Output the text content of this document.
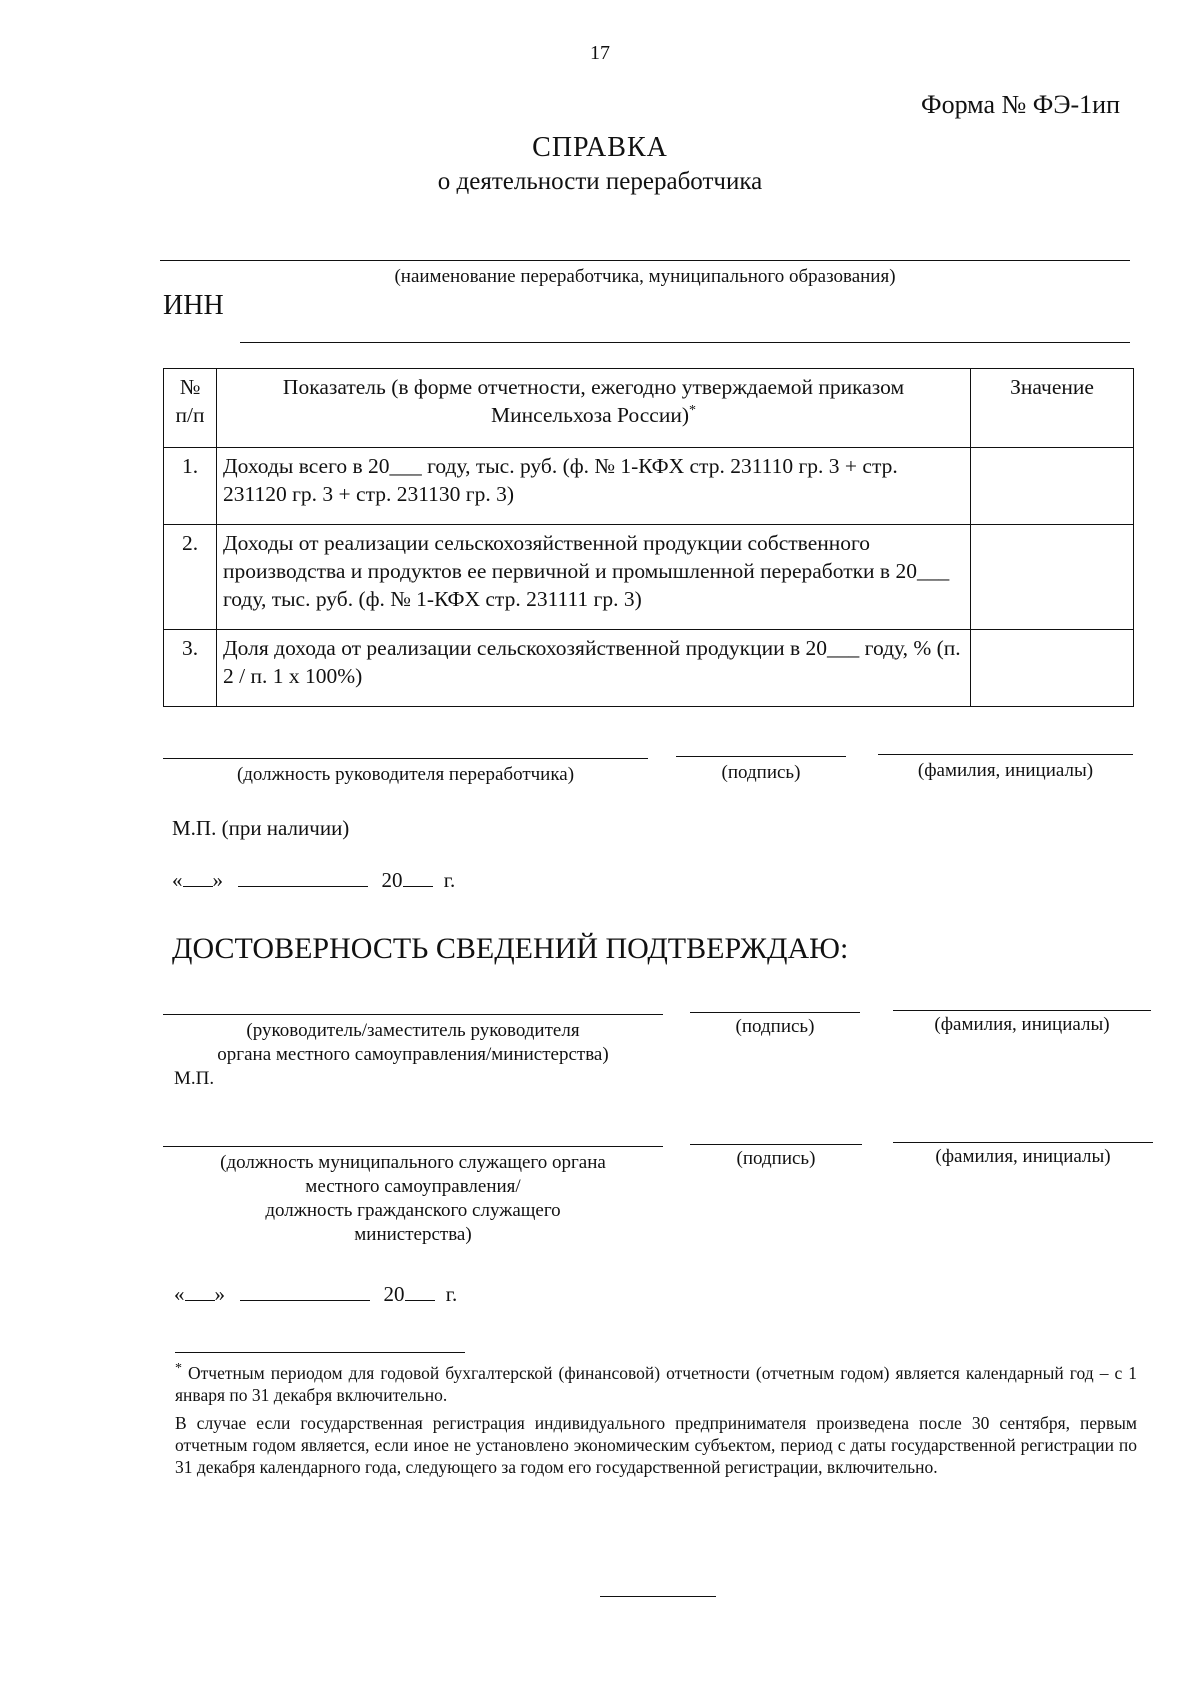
17
Форма № ФЭ-1ип
СПРАВКА
о деятельности переработчика
(наименование переработчика, муниципального образования)
ИНН
№ п/п	Показатель (в форме отчетности, ежегодно утверждаемой приказом Минсельхоза России)*	Значение
1.	Доходы всего в 20___ году, тыс. руб. (ф. № 1-КФХ стр. 231110 гр. 3 + стр. 231120 гр. 3 + стр. 231130 гр. 3)	
2.	Доходы от реализации сельскохозяйственной продукции собственного производства и продуктов ее первичной и промышленной переработки в 20___ году, тыс. руб. (ф. № 1-КФХ стр. 231111 гр. 3)	
3.	Доля дохода от реализации сельскохозяйственной продукции в 20___ году, % (п. 2 / п. 1 х 100%)	
(должность руководителя переработчика)	(подпись)	(фамилия, инициалы)
М.П. (при наличии)
« »	20 г.
ДОСТОВЕРНОСТЬ СВЕДЕНИЙ ПОДТВЕРЖДАЮ:
(руководитель/заместитель руководителя
органа местного самоуправления/министерства)
М.П.
(подпись)	(фамилия, инициалы)
(должность муниципального служащего органа
местного самоуправления/
должность гражданского служащего
министерства)
(подпись)	(фамилия, инициалы)
« »	20 г.
* Отчетным периодом для годовой бухгалтерской (финансовой) отчетности (отчетным годом) является календарный год – с 1 января по 31 декабря включительно.
В случае если государственная регистрация индивидуального предпринимателя произведена после 30 сентября, первым отчетным годом является, если иное не установлено экономическим субъектом, период с даты государственной регистрации по 31 декабря календарного года, следующего за годом его государственной регистрации, включительно.
